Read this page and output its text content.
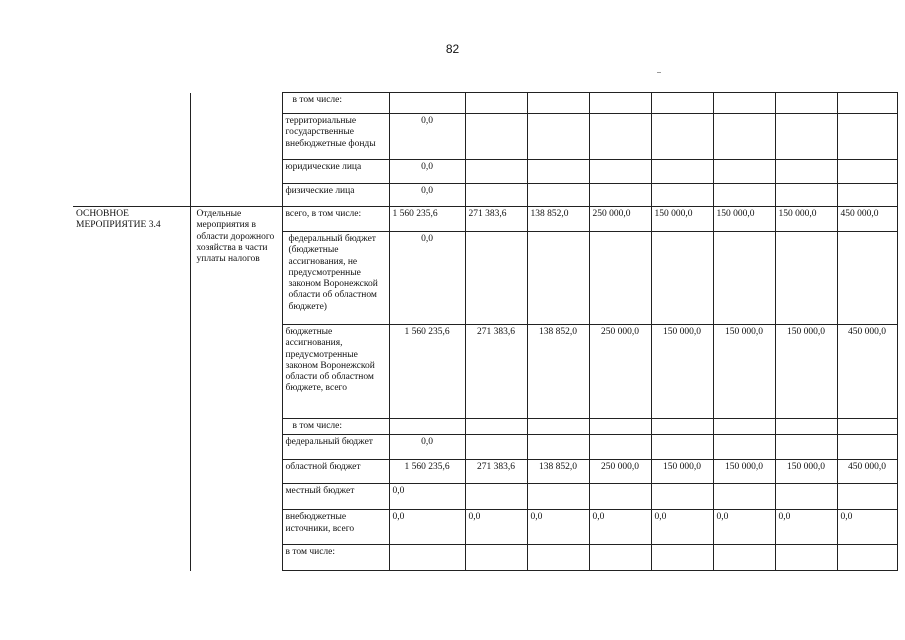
82
		в том числе:								
		территориальные государственные внебюджетные фонды	0,0							
		юридические лица	0,0							
		физические лица	0,0							
ОСНОВНОЕ МЕРОПРИЯТИЕ 3.4	Отдельные мероприятия в области дорожного хозяйства в части уплаты налогов	всего, в том числе:	1 560 235,6	271 383,6	138 852,0	250 000,0	150 000,0	150 000,0	150 000,0	450 000,0
		федеральный бюджет (бюджетные ассигнования, не предусмотренные законом Воронежской области об областном бюджете)	0,0							
		бюджетные ассигнования, предусмотренные законом Воронежской области об областном бюджете, всего	1 560 235,6	271 383,6	138 852,0	250 000,0	150 000,0	150 000,0	150 000,0	450 000,0
		в том числе:								
		федеральный бюджет	0,0							
		областной бюджет	1 560 235,6	271 383,6	138 852,0	250 000,0	150 000,0	150 000,0	150 000,0	450 000,0
		местный бюджет	0,0							
		внебюджетные источники, всего	0,0	0,0	0,0	0,0	0,0	0,0	0,0	0,0
		в том числе:								
